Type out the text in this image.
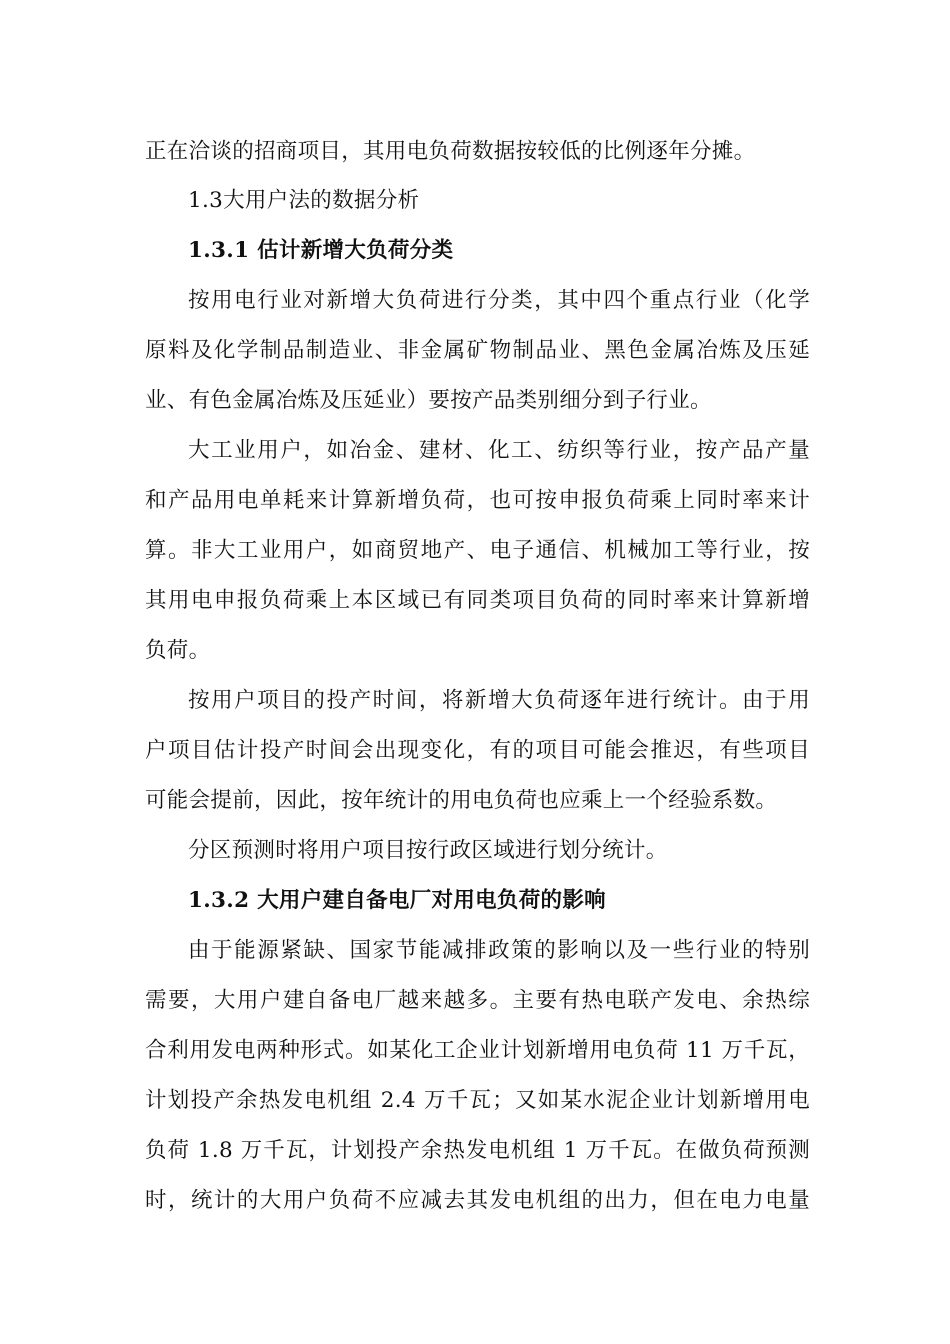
正在洽谈的招商项目，其用电负荷数据按较低的比例逐年分摊。
1.3大用户法的数据分析
1.3.1 估计新增大负荷分类
按用电行业对新增大负荷进行分类，其中四个重点行业（化学
原料及化学制品制造业、非金属矿物制品业、黑色金属冶炼及压延
业、有色金属冶炼及压延业）要按产品类别细分到子行业。
大工业用户，如冶金、建材、化工、纺织等行业，按产品产量
和产品用电单耗来计算新增负荷，也可按申报负荷乘上同时率来计
算。非大工业用户，如商贸地产、电子通信、机械加工等行业，按
其用电申报负荷乘上本区域已有同类项目负荷的同时率来计算新增
负荷。
按用户项目的投产时间，将新增大负荷逐年进行统计。由于用
户项目估计投产时间会出现变化，有的项目可能会推迟，有些项目
可能会提前，因此，按年统计的用电负荷也应乘上一个经验系数。
分区预测时将用户项目按行政区域进行划分统计。
1.3.2 大用户建自备电厂对用电负荷的影响
由于能源紧缺、国家节能减排政策的影响以及一些行业的特别
需要，大用户建自备电厂越来越多。主要有热电联产发电、余热综
合利用发电两种形式。如某化工企业计划新增用电负荷 11 万千瓦，
计划投产余热发电机组 2.4 万千瓦；又如某水泥企业计划新增用电
负荷 1.8 万千瓦，计划投产余热发电机组 1 万千瓦。在做负荷预测
时，统计的大用户负荷不应减去其发电机组的出力，但在电力电量
